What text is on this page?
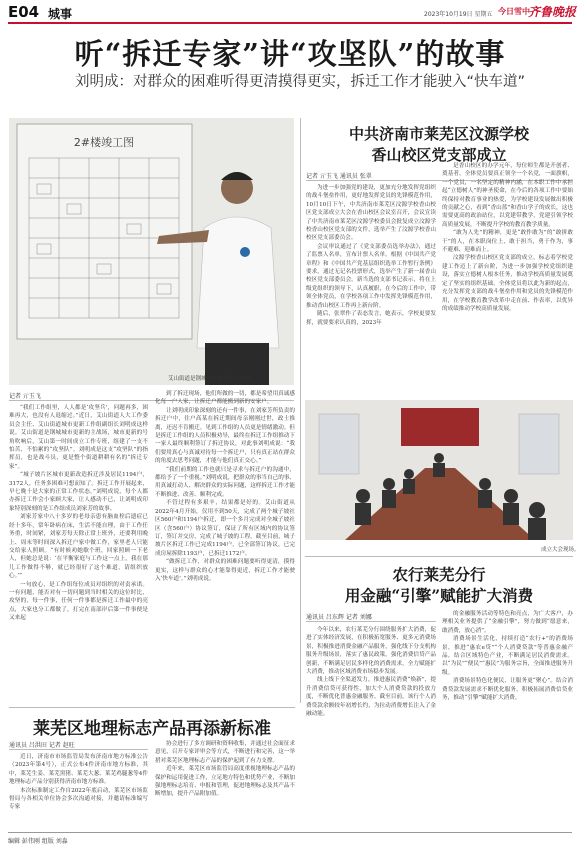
E04 城事	2023年10月19日 星期五 今日雪中
齐鲁晚报
听“拆迁专家”讲“攻坚队”的故事
刘明成：对群众的困难听得更清摸得更实，拆迁工作才能驶入“快车道”
2#楼竣工图
艾山街道是钢城城市更新的主战场。
记者 亓玉飞

“我们工作组里，人人都是‘攻坚兵’，问题再多，困难再大，也没有人退缩过。”近日，艾山街道人大工作委员会主任、艾山街道城市更新工作组副组长刘明成这样说。艾山街道是钢城城市更新的主战场，城市更新的号角吹响后，艾山第一时间成立工作专班，组建了一支不怕苦、不怕累的“攻坚队”。刘明成是这支“攻坚队”的指挥员，也是战斗员，更是整个街道耕耕有名的“拆迁专家”。

“城子坡片区城市更新改造拆迁涉及居民1194户，3172人，任务多困难可想而知了。拆迁工作开展起来，早七晚十是大家的正常工作状态。”刘明成说，每个人都办拆迁工作会小家顾大家，让人感动不已，让刘明成印象特别深刻的是工作组成员刘家芳的故事。

刘家芳家中八十多岁的老母亲患有脑血栓后遗症已经十多年，常年卧病在床，生活不能自理，由于工作任务重，时间紧，刘家芳每天除正常上班外，还要利用晚上、周末等时间深入拆迁户家中做工作，家里老人只能交给家人照顾。“有时候劝她歇个班，回家照顾一下老人，但她总是说：‘在平衡家庭与工作这一点上，我在那儿工作做得不够，就已经很好了这个难道，请组织放心。’”

一句放心，是工作组每位成员对组织的对责承诺。一有问题，能否对有一切问题到当时相关的这位时比，攻坚的，每一件事，任何一件事都是拆迁工作最中的亮点，大家也分工都做了，打完在南部岸后第一件事便是又来起

到了拆迁现场，他们所做的一切，都是希望用真诚感化每一户人家，让拆迁户都能搬到新的安家户。

让刘明成印象深刻的还有一件事，在刘家芳所负责的拆迁户中，住户高某在拆迁期间母亲刚刚过世，政士推离，还迟不肯搬迁。见到工作组的人员更是情绪激动。但是拆迁工作组的人员积极劝导，最终在拆迁工作组推动下一家人最终顺利签订了拆迁协议，对此事刘明成说：“我们要用真心与真诚对待每一个拆迁户，只有真正站在群众的角度去思考问题，才能与他们真正交心。”

“我们前期的工作也就只是寻求与拆迁户的沟通中，都给予了一个重视。”刘明成说，把群众的事当自己的事、用真诚打动人、解决群众的实际问题，这样拆迁工作才能不断推进、改善、顺利完成。

不管过程有多艰辛，结果都是好的。艾山街道从2022年4月开始，仅用不到50天，完成了两个城子坡社区560户和1194户拆迁，即一个多月完成对全城子坡社区（含560户）协议签订，保证了所有区域内的协议签订，签订并交房，完成了城子坡的工程。截至目前，城子坡片区拆迁工作已完成1194户，已全部签订协议，已完成房屋拆除1193户，已拆迁1172户。

“做拆迁工作，对群众的困难问题要听得更清，摸得更实，这样与群众的心才能靠得更近，拆迁工作才能驶入‘快车道’。”刘明成说。

中共济南市莱芜区汶源学校
香山校区党支部成立
记者 亓玉飞 通讯员 张翠

为进一步加强党的建设，更加充分地发挥党组织的战斗堡垒作用，更好地发挥党员的先锋模范作用，10月10日下午，中共济南市莱芜区汶源学校香山校区党支部成立大会在香山校区会议室召开，会议宣读了中共济南市莱芜区汶源学校委员会批复成立汶源学校香山校区党支部的文件，选举产生了汶源学校香山校区党支部委员会。

会议审议通过了《党支部委员选举办法》，通过了监票人名单，宣布计票人名单。根据《中国共产党章程》和《中国共产党基层组织选举工作暂行条例》要求，通过无记名投票形式，选举产生了新一届香山校区党支部委员会。新当选的支部书记表示，将在上级党组织的领导下，认真履职，在今后的工作中，带领全体党员，在学校各项工作中发挥先锋模范作用，推动香山校区工作再上新台阶。

随后，张翠作了表态发言，她表示，学校更要发挥，就要要求认真的，2023年

是香山校区的办学元年，每位师生都是开创者、奠基者，全体党员要真正领全一个名党，一面旗帜，一个党员，一名坚定的精神内涵，在本职工作中承担起“立德树人”的神圣使命，在今后的各项工作中要始终保持对教育事业的热爱，为学校建设发展做出积极的贡献之心，看到“香山蓝”和香山学子的成长，这也需要更高的政治站位，以党建带教学，党建引领学校高质量发展，不断提升学校的教育教学质量。

“敢为人先”的精神，更是“敢作敢为”的“敢拼敢干”的人，在本职岗位上，敢于担当，勇于作为，事不避难、迎难而上。

汶源学校香山校区党支部的成立，标志着学校党建工作迈上了新台阶，为进一步加强学校党组织建设，落实立德树人根本任务，推动学校高质量发展奠定了坚实的组织基础。全体党员将以此为新的起点，充分发挥党支部的战斗堡垒作用和党员的先锋模范作用，在学校教育教学改革中走在前、作表率，以优异的成绩推动学校高质量发展。

成立大会现场。
农行莱芜分行
用金融“引擎”赋能扩大消费
通讯员 吕东辉 记者 刘娜

今年以来，农行莱芜分行围绕服务扩大消费，促进了实体经济发展，在积极拓宽服务、更多元消费场景，积极推进消费金融产品服务，强化线下分支机构服务升级场景，落实了惠民政策，强化消费信贷产品创新，不断满足居民多样化的消费需求，全力赋能扩大消费，推动区域消费市场稳步发展。

线上线下全渠道发力，推进惠民消费“焕新”，提升消费信贷可获得性，加大个人消费贷款的投放力度，不断优化普惠金融服务。截至目前，该行个人消费贷款余额较年初增长约，为拉动消费增长注入了金融动能。

的金融服务活动等特色和亮点，为广大客户，办理相关业务提供了“金融引擎”，努力做到“愿意来，敢消费，放心消”。

消费场景生活化，持续打造“农行+”的消费场景，推进“惠农e贷”“个人消费贷款”等普惠金融产品，结合区域特色产业，不断满足居民消费需求。以“为民”“便民”“惠民”为服务宗旨，全面推进服务升级。

消费场景特色化便民，让服务更“聚心”。结合消费贷款发展需求不断优化服务，积极拓展消费信贷业务，推动“引擎”赋能扩大消费。

莱芜区地理标志产品再添新标准
通讯员 吕洪田 记者 赵旺

近日，济南市市场监管局发布济南市地方标准公告（2023年第4号），正式公布4件济南市地方标准，其中，莱芜生姜、莱芜黑猪、莱芜大葱、莱芜鸡腿葱等4件地理标志产品分别获得济南市地方标准。

本次标准制定工作自2022年底启动，莱芜区市场监督局与各相关单位协会多次沟通对接，并邀请标准编写专家

协会进行了多方调研和资料收集，并通过社会面征求意见，召开专家评审会等方式，不断进行和完善，这一举措对莱芜区地理标志产品的保护起到了有力支撑。

近年来，莱芜区市场监管局高度重视地理标志产品的保护和运用促进工作，立足地方特色和优势产业，不断加强地理标志培育、申报和管理，促进地理标志及其产品不断增加，提升产品附加值。

编辑 彭伟刚 组版 刘淼
